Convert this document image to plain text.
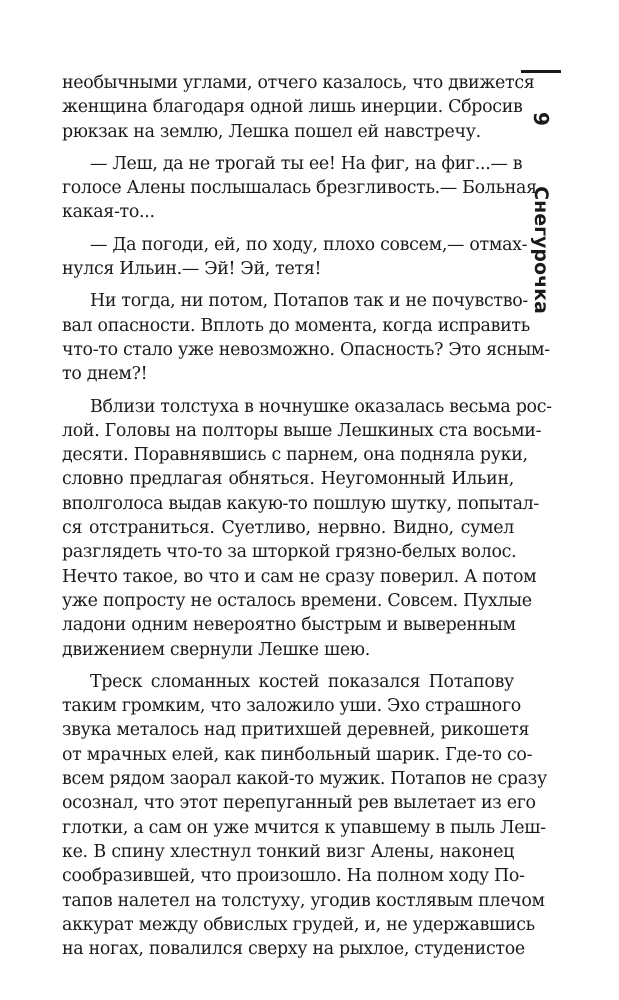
9
Снегурочка
необычными углами, отчего казалось, что движется
женщина благодаря одной лишь инерции. Сбросив
рюкзак на землю, Лешка пошел ей навстречу.
— Леш, да не трогай ты ее! На фиг, на фиг...— в
голосе Алены послышалась брезгливость.— Больная
какая-то...
— Да погоди, ей, по ходу, плохо совсем,— отмах-
нулся Ильин.— Эй! Эй, тетя!
Ни тогда, ни потом, Потапов так и не почувство-
вал опасности. Вплоть до момента, когда исправить
что-то стало уже невозможно. Опасность? Это ясным-
то днем?!
Вблизи толстуха в ночнушке оказалась весьма рос-
лой. Головы на полторы выше Лешкиных ста восьми-
десяти. Поравнявшись с парнем, она подняла руки,
словно предлагая обняться. Неугомонный Ильин,
вполголоса выдав какую-то пошлую шутку, попытал-
ся отстраниться. Суетливо, нервно. Видно, сумел
разглядеть что-то за шторкой грязно-белых волос.
Нечто такое, во что и сам не сразу поверил. А потом
уже попросту не осталось времени. Совсем. Пухлые
ладони одним невероятно быстрым и выверенным
движением свернули Лешке шею.
Треск сломанных костей показался Потапову
таким громким, что заложило уши. Эхо страшного
звука металось над притихшей деревней, рикошетя
от мрачных елей, как пинбольный шарик. Где-то со-
всем рядом заорал какой-то мужик. Потапов не сразу
осознал, что этот перепуганный рев вылетает из его
глотки, а сам он уже мчится к упавшему в пыль Леш-
ке. В спину хлестнул тонкий визг Алены, наконец
сообразившей, что произошло. На полном ходу По-
тапов налетел на толстуху, угодив костлявым плечом
аккурат между обвислых грудей, и, не удержавшись
на ногах, повалился сверху на рыхлое, студенистое
